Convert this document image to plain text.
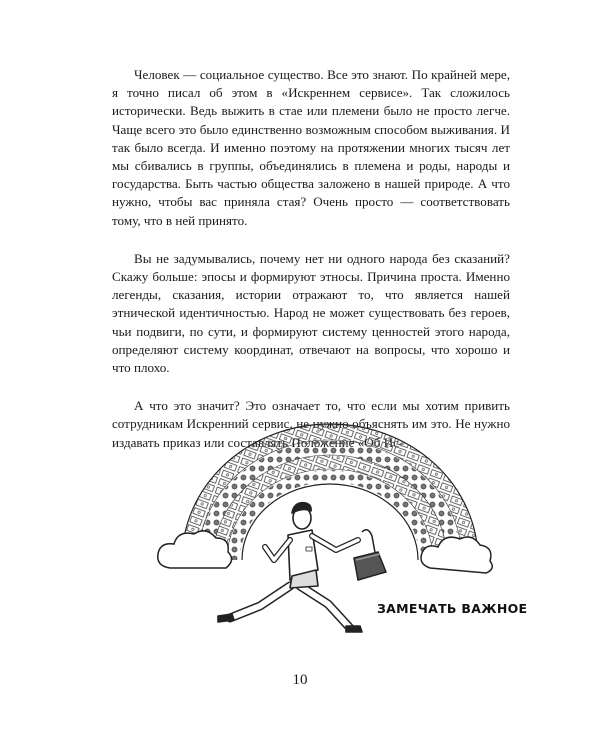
Человек — социальное существо. Все это знают. По крайней мере, я точно писал об этом в «Искреннем сервисе». Так сложилось исторически. Ведь выжить в стае или племени было не просто легче. Чаще всего это было единственно возможным способом выживания. И так было всегда. И именно поэтому на протяжении многих тысяч лет мы сбивались в группы, объединялись в племена и роды, народы и государства. Быть частью общества заложено в нашей природе. А что нужно, чтобы вас приняла стая? Очень просто — соответствовать тому, что в ней принято.

Вы не задумывались, почему нет ни одного народа без сказаний? Скажу больше: эпосы и формируют этносы. Причина проста. Именно легенды, сказания, истории отражают то, что является нашей этнической идентичностью. Народ не может существовать без героев, чьи подвиги, по сути, и формируют систему ценностей этого народа, определяют систему координат, отвечают на вопросы, что хорошо и что плохо.

А что это значит? Это означает то, что если мы хотим привить сотрудникам Искренний сервис, не нужно объяснять им это. Не нужно издавать приказ или составлять Положение «Об Ис-

ЗАМЕЧАТЬ ВАЖНОЕ
10
